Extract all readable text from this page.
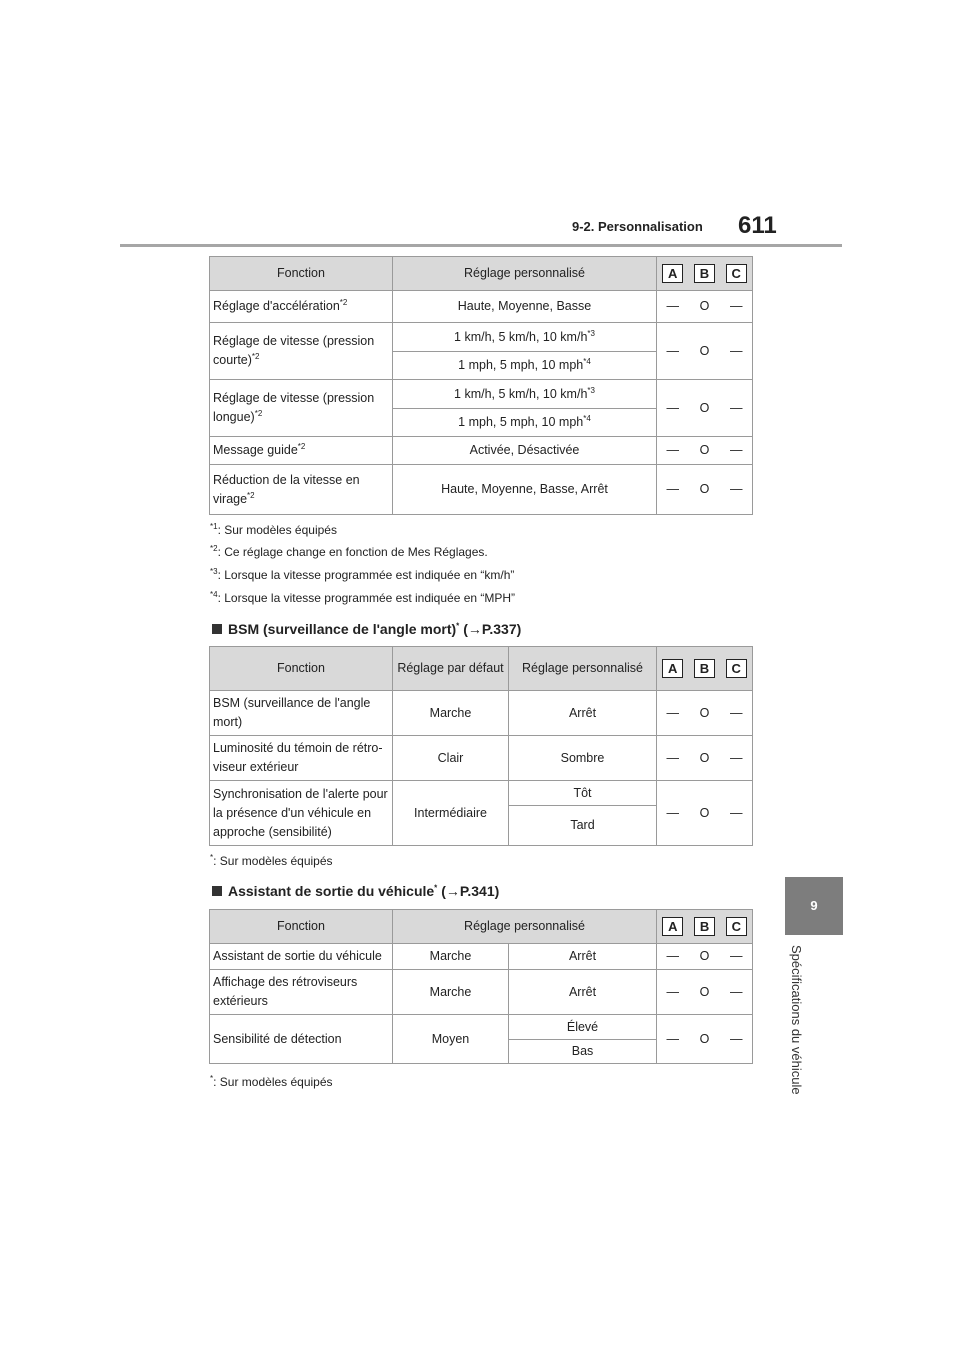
9-2. Personnalisation 611
9
Spécifications du véhicule
Fonction	Réglage personnalisé	A	B	C
Réglage d'accélération$^{*2}$	Haute, Moyenne, Basse	—	O	—
Réglage de vitesse (pression courte)$^{*2}$	1 km/h, 5 km/h, 10 $km/h^{*3}$	—	O	—
	1 mph, 5 mph, 10 mph$^{*4}$
Réglage de vitesse (pression longue)$^{*2}$	1 km/h, 5 km/h, 10 $km/h^{*3}$	—	O	—
	1 mph, 5 mph, 10 mph$^{*4}$
Message guide$^{*2}$	Activée, Désactivée	—	O	—
Réduction de la vitesse en virage$^{*2}$	Haute, Moyenne, Basse, Arrêt	—	O	—
$^{*1}$: Sur modèles équipés
$^{*2}$: Ce réglage change en fonction de Mes Réglages.
$^{*3}$: Lorsque la vitesse programmée est indiquée en “km/h”
$^{*4}$: Lorsque la vitesse programmée est indiquée en “MPH”
BSM (surveillance de l'angle mort)* (→P.337)
Fonction	Réglage par défaut	Réglage personnalisé	A	B	C
BSM (surveillance de l'angle mort)	Marche	Arrêt	—	O	—
Luminosité du témoin de rétro-viseur extérieur	Clair	Sombre	—	O	—
Synchronisation de l'alerte pour la présence d'un véhicule en approche (sensibilité)	Intermédiaire	Tôt	—	O	—
		Tard			
*: Sur modèles équipés
Assistant de sortie du véhicule* (→P.341)
Fonction	Réglage personnalisé		A	B	C
Assistant de sortie du véhicule	Marche	Arrêt	—	O	—
Affichage des rétroviseurs extérieurs	Marche	Arrêt	—	O	—
Sensibilité de détection	Moyen	Élevé	—	O	—
		Bas			
*: Sur modèles équipés
